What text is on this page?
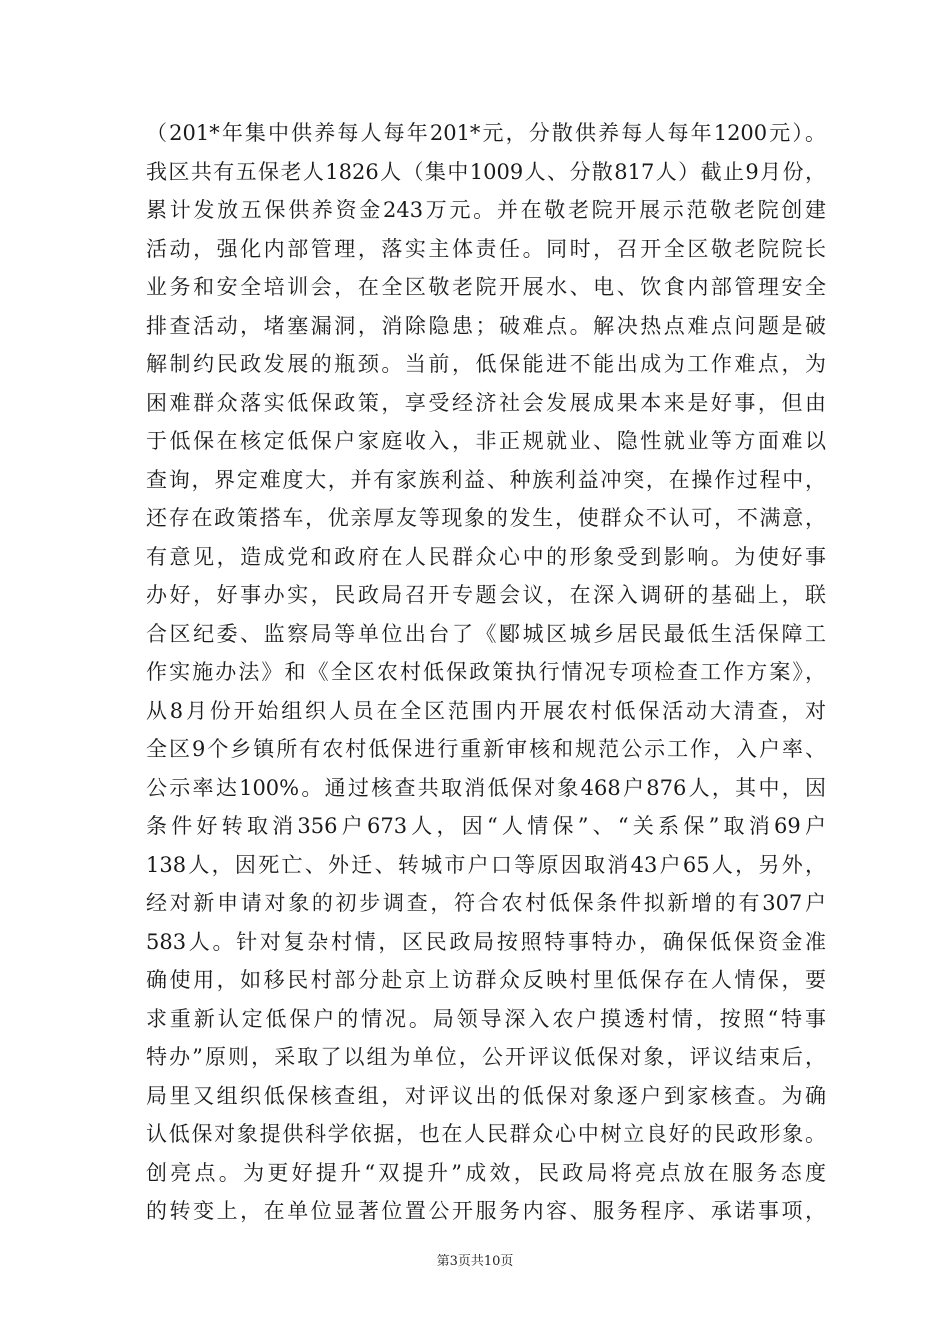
（201*年集中供养每人每年201*元，分散供养每人每年1200元）。
我区共有五保老人1826人（集中1009人、分散817人）截止9月份，
累计发放五保供养资金243万元。并在敬老院开展示范敬老院创建
活动，强化内部管理，落实主体责任。同时，召开全区敬老院院长
业务和安全培训会，在全区敬老院开展水、电、饮食内部管理安全
排查活动，堵塞漏洞，消除隐患；破难点。解决热点难点问题是破
解制约民政发展的瓶颈。当前，低保能进不能出成为工作难点，为
困难群众落实低保政策，享受经济社会发展成果本来是好事，但由
于低保在核定低保户家庭收入，非正规就业、隐性就业等方面难以
查询，界定难度大，并有家族利益、种族利益冲突，在操作过程中，
还存在政策搭车，优亲厚友等现象的发生，使群众不认可，不满意，
有意见，造成党和政府在人民群众心中的形象受到影响。为使好事
办好，好事办实，民政局召开专题会议，在深入调研的基础上，联
合区纪委、监察局等单位出台了《郾城区城乡居民最低生活保障工
作实施办法》和《全区农村低保政策执行情况专项检查工作方案》，
从8月份开始组织人员在全区范围内开展农村低保活动大清查，对
全区9个乡镇所有农村低保进行重新审核和规范公示工作，入户率、
公示率达100%。通过核查共取消低保对象468户876人，其中，因
条件好转取消356户673人，因“人情保”、“关系保”取消69户
138人，因死亡、外迁、转城市户口等原因取消43户65人，另外，
经对新申请对象的初步调查，符合农村低保条件拟新增的有307户
583人。针对复杂村情，区民政局按照特事特办，确保低保资金准
确使用，如移民村部分赴京上访群众反映村里低保存在人情保，要
求重新认定低保户的情况。局领导深入农户摸透村情，按照“特事
特办”原则，采取了以组为单位，公开评议低保对象，评议结束后，
局里又组织低保核查组，对评议出的低保对象逐户到家核查。为确
认低保对象提供科学依据，也在人民群众心中树立良好的民政形象。
创亮点。为更好提升“双提升”成效，民政局将亮点放在服务态度
的转变上，在单位显著位置公开服务内容、服务程序、承诺事项，
第3页共10页
